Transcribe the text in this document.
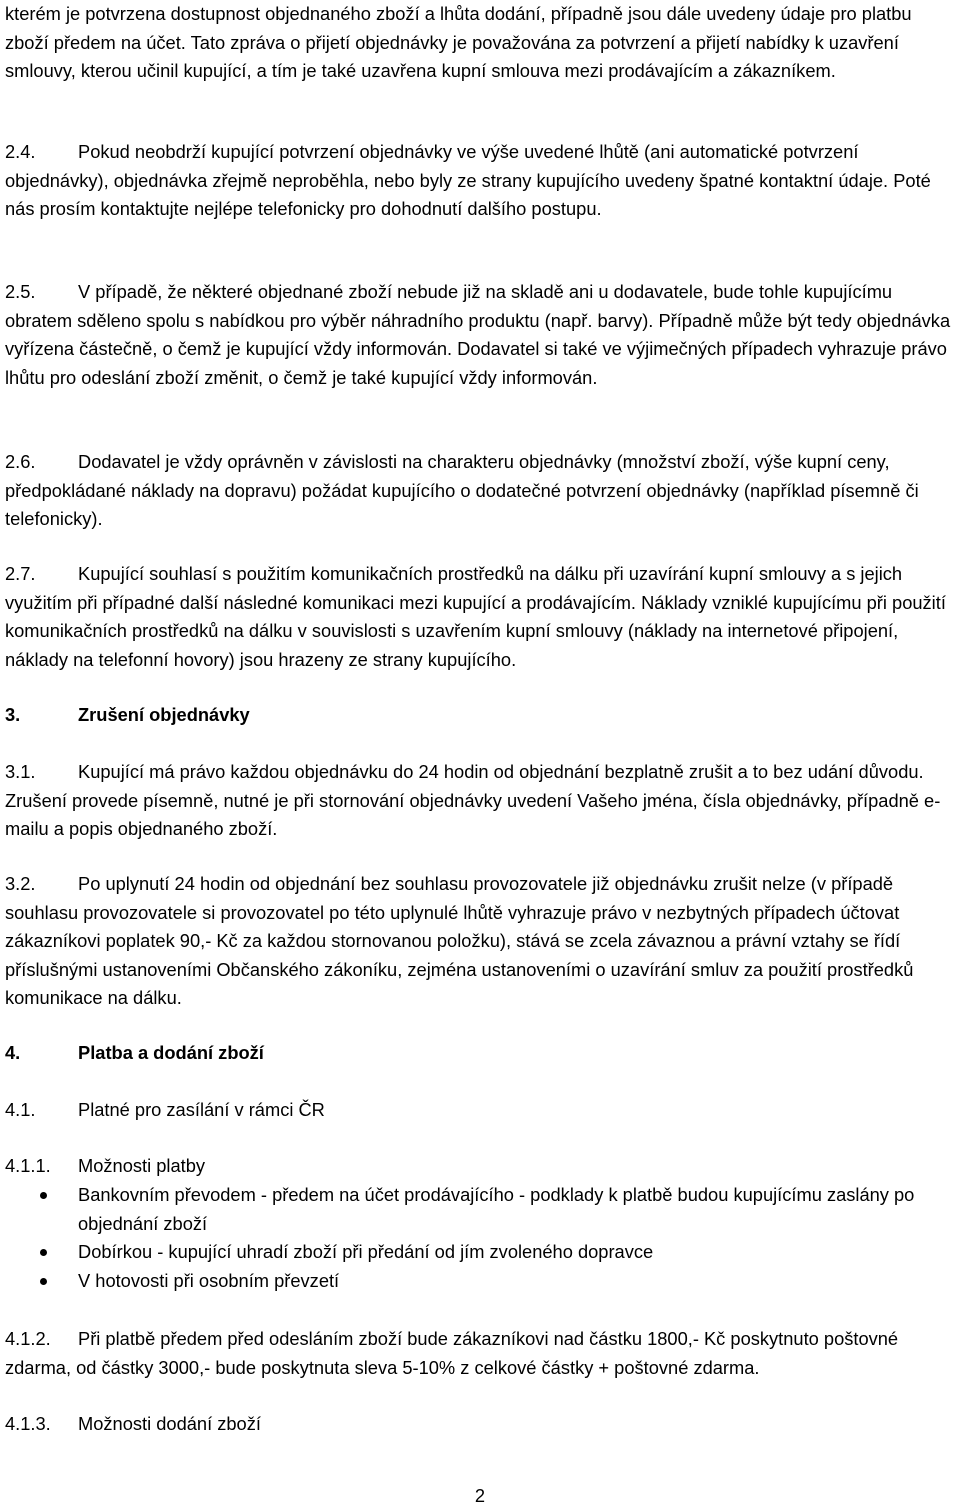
kterém je potvrzena dostupnost objednaného zboží a lhůta dodání, případně jsou dále uvedeny údaje pro platbu zboží předem na účet. Tato zpráva o přijetí objednávky je považována za potvrzení a přijetí nabídky k uzavření smlouvy, kterou učinil kupující, a tím je také uzavřena kupní smlouva mezi prodávajícím a zákazníkem.

2.4. Pokud neobdrží kupující potvrzení objednávky ve výše uvedené lhůtě (ani automatické potvrzení objednávky), objednávka zřejmě neproběhla, nebo byly ze strany kupujícího uvedeny špatné kontaktní údaje. Poté nás prosím kontaktujte nejlépe telefonicky pro dohodnutí dalšího postupu.

2.5. V případě, že některé objednané zboží nebude již na skladě ani u dodavatele, bude tohle kupujícímu obratem sděleno spolu s nabídkou pro výběr náhradního produktu (např. barvy). Případně může být tedy objednávka vyřízena částečně, o čemž je kupující vždy informován. Dodavatel si také ve výjimečných případech vyhrazuje právo lhůtu pro odeslání zboží změnit, o čemž je také kupující vždy informován.

2.6. Dodavatel je vždy oprávněn v závislosti na charakteru objednávky (množství zboží, výše kupní ceny, předpokládané náklady na dopravu) požádat kupujícího o dodatečné potvrzení objednávky (například písemně či telefonicky).

2.7. Kupující souhlasí s použitím komunikačních prostředků na dálku při uzavírání kupní smlouvy a s jejich využitím při případné další následné komunikaci mezi kupující a prodávajícím. Náklady vzniklé kupujícímu při použití komunikačních prostředků na dálku v souvislosti s uzavřením kupní smlouvy (náklady na internetové připojení, náklady na telefonní hovory) jsou hrazeny ze strany kupujícího.

3.	Zrušení objednávky

3.1. Kupující má právo každou objednávku do 24 hodin od objednání bezplatně zrušit a to bez udání důvodu. Zrušení provede písemně, nutné je při stornování objednávky uvedení Vašeho jména, čísla objednávky, případně e-mailu a popis objednaného zboží.

3.2. Po uplynutí 24 hodin od objednání bez souhlasu provozovatele již objednávku zrušit nelze (v případě souhlasu provozovatele si provozovatel po této uplynulé lhůtě vyhrazuje právo v nezbytných případech účtovat zákazníkovi poplatek 90,- Kč za každou stornovanou položku), stává se zcela závaznou a právní vztahy se řídí příslušnými ustanoveními Občanského zákoníku, zejména ustanoveními o uzavírání smluv za použití prostředků komunikace na dálku.

4.	Platba a dodání zboží

4.1. Platné pro zasílání v rámci ČR

4.1.1. Možnosti platby

Bankovním převodem - předem na účet prodávajícího - podklady k platbě budou kupujícímu zaslány po objednání zboží
Dobírkou - kupující uhradí zboží při předání od jím zvoleného dopravce
V hotovosti při osobním převzetí

4.1.2. Při platbě předem před odesláním zboží bude zákazníkovi nad částku 1800,- Kč poskytnuto poštovné zdarma, od částky 3000,- bude poskytnuta sleva 5-10% z celkové částky + poštovné zdarma.

4.1.3. Možnosti dodání zboží

2
